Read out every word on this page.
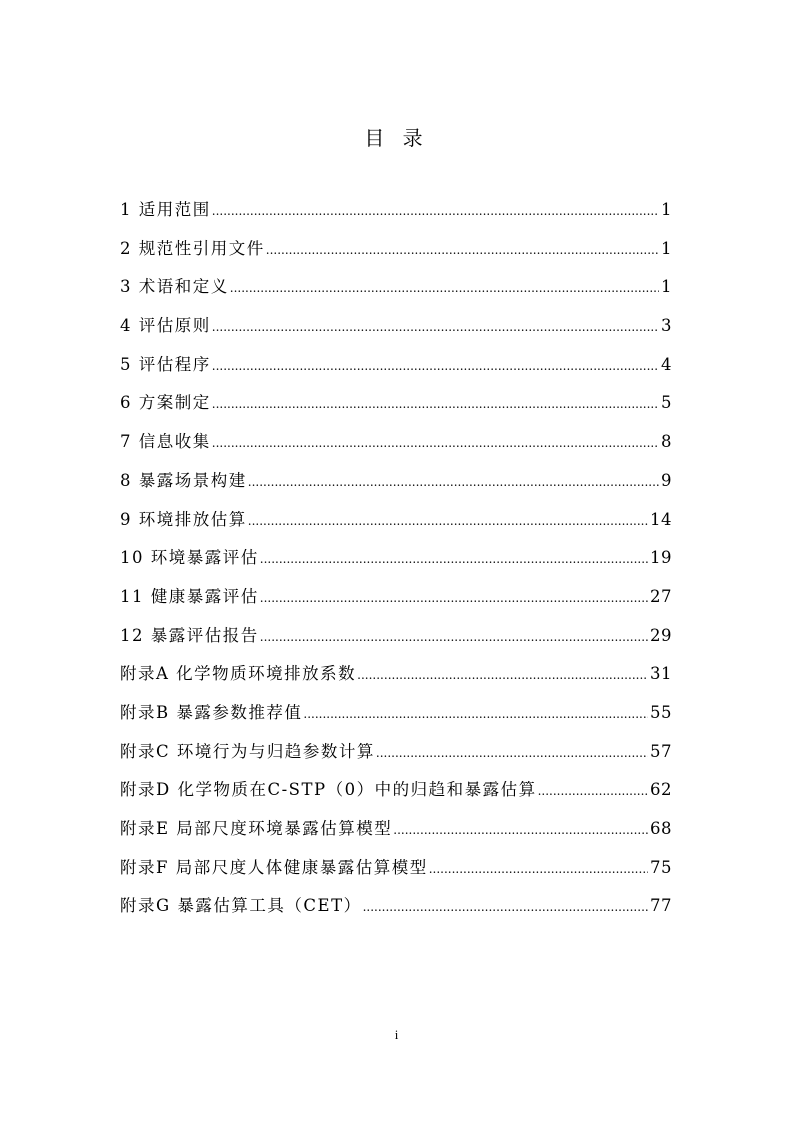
目 录
1 适用范围 .....	1
2 规范性引用文件 .....	1
3 术语和定义 .....	1
4 评估原则 .....	3
5 评估程序 .....	4
6 方案制定 .....	5
7 信息收集 .....	8
8 暴露场景构建 .....	9
9 环境排放估算 .....	14
10 环境暴露评估 .....	19
11 健康暴露评估 .....	27
12 暴露评估报告 .....	29
附录A 化学物质环境排放系数 .....	31
附录B 暴露参数推荐值 .....	55
附录C 环境行为与归趋参数计算 .....	57
附录D 化学物质在C-STP（0）中的归趋和暴露估算 .....	62
附录E 局部尺度环境暴露估算模型 .....	68
附录F 局部尺度人体健康暴露估算模型 .....	75
附录G 暴露估算工具（CET） .....	77
i
